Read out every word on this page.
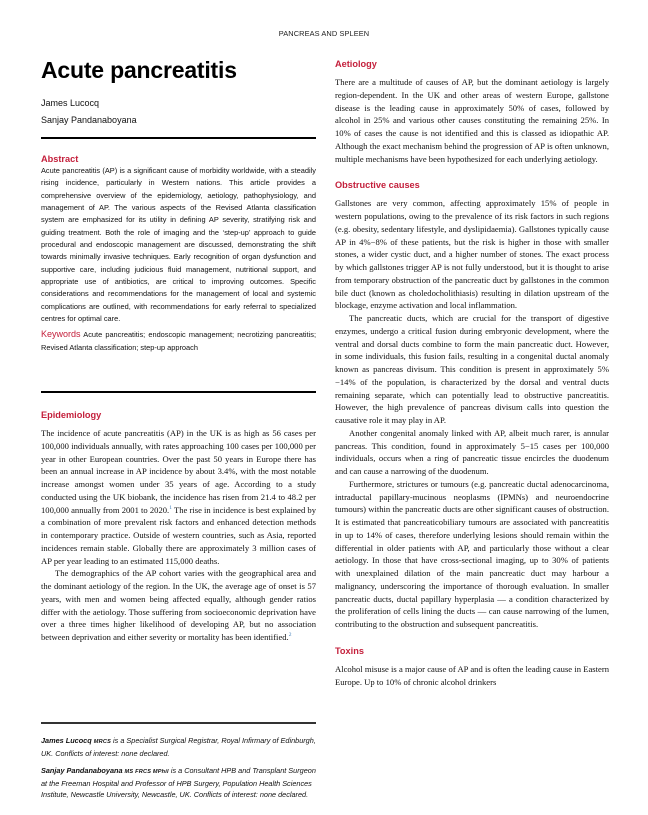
PANCREAS AND SPLEEN
Acute pancreatitis
James Lucocq
Sanjay Pandanaboyana
Abstract

Acute pancreatitis (AP) is a significant cause of morbidity worldwide, with a steadily rising incidence, particularly in Western nations. This article provides a comprehensive overview of the epidemiology, aetiology, pathophysiology, and management of AP. The various aspects of the Revised Atlanta classification system are emphasized for its utility in defining AP severity, stratifying risk and guiding treatment. Both the role of imaging and the ‘step-up’ approach to guide procedural and endoscopic management are discussed, demonstrating the shift towards minimally invasive techniques. Early recognition of organ dysfunction and supportive care, including judicious fluid management, nutritional support, and appropriate use of antibiotics, are critical to improving outcomes. Specific considerations and recommendations for the management of local and systemic complications are outlined, with recommendations for early referral to specialized centres for optimal care.

Keywords Acute pancreatitis; endoscopic management; necrotizing pancreatitis; Revised Atlanta classification; step-up approach
Epidemiology

The incidence of acute pancreatitis (AP) in the UK is as high as 56 cases per 100,000 individuals annually, with rates approaching 100 cases per 100,000 per year in other European countries. Over the past 50 years in Europe there has been an annual increase in AP incidence by about 3.4%, with the most notable increase amongst women under 35 years of age. According to a study conducted using the UK biobank, the incidence has risen from 21.4 to 48.2 per 100,000 annually from 2001 to 2020.$^1$ The rise in incidence is best explained by a combination of more prevalent risk factors and enhanced detection methods in contemporary practice. Outside of western countries, such as Asia, reported incidences remain stable. Globally there are approximately 3 million cases of AP per year leading to an estimated 115,000 deaths.

The demographics of the AP cohort varies with the geographical area and the dominant aetiology of the region. In the UK, the average age of onset is 57 years, with men and women being affected equally, although gender ratios differ with the aetiology. Those suffering from socioeconomic deprivation have over a three times higher likelihood of developing AP, but no association between deprivation and either severity or mortality has been identified.$^2$

James Lucocq MRCS is a Specialist Surgical Registrar, Royal Infirmary of Edinburgh, UK. Conflicts of interest: none declared.

Sanjay Pandanaboyana MS FRCS MPhil is a Consultant HPB and Transplant Surgeon at the Freeman Hospital and Professor of HPB Surgery, Population Health Sciences Institute, Newcastle University, Newcastle, UK. Conflicts of interest: none declared.

Aetiology

There are a multitude of causes of AP, but the dominant aetiology is largely region-dependent. In the UK and other areas of western Europe, gallstone disease is the leading cause in approximately 50% of cases, followed by alcohol in 25% and various other causes constituting the remaining 25%. In 10% of cases the cause is not identified and this is classed as idiopathic AP. Although the exact mechanism behind the progression of AP is often unknown, multiple mechanisms have been hypothesized for each underlying aetiology.

Obstructive causes

Gallstones are very common, affecting approximately 15% of people in western populations, owing to the prevalence of its risk factors in such regions (e.g. obesity, sedentary lifestyle, and dyslipidaemia). Gallstones typically cause AP in 4%−8% of these patients, but the risk is higher in those with smaller stones, a wider cystic duct, and a higher number of stones. The exact process by which gallstones trigger AP is not fully understood, but it is thought to arise from temporary obstruction of the pancreatic duct by gallstones in the common bile duct (known as choledocholithiasis) resulting in dilation upstream of the blockage, enzyme activation and local inflammation.

The pancreatic ducts, which are crucial for the transport of digestive enzymes, undergo a critical fusion during embryonic development, where the ventral and dorsal ducts combine to form the main pancreatic duct. However, in some individuals, this fusion fails, resulting in a congenital ductal anomaly known as pancreas divisum. This condition is present in approximately 5%−14% of the population, is characterized by the dorsal and ventral ducts remaining separate, which can potentially lead to obstructive pancreatitis. However, the high prevalence of pancreas divisum calls into question the causative role it may play in AP.

Another congenital anomaly linked with AP, albeit much rarer, is annular pancreas. This condition, found in approximately 5−15 cases per 100,000 individuals, occurs when a ring of pancreatic tissue encircles the duodenum and can cause a narrowing of the duodenum.

Furthermore, strictures or tumours (e.g. pancreatic ductal adenocarcinoma, intraductal papillary-mucinous neoplasms (IPMNs) and neuroendocrine tumours) within the pancreatic ducts are other significant causes of obstruction. It is estimated that pancreaticobiliary tumours are associated with pancreatitis in up to 14% of cases, therefore underlying lesions should remain within the differential in older patients with AP, and particularly those without a clear aetiology. In those that have cross-sectional imaging, up to 30% of patients with unexplained dilation of the main pancreatic duct may harbour a malignancy, underscoring the importance of thorough evaluation. In smaller pancreatic ducts, ductal papillary hyperplasia — a condition characterized by the proliferation of cells lining the ducts — can cause narrowing of the lumen, contributing to the obstruction and subsequent pancreatitis.

Toxins

Alcohol misuse is a major cause of AP and is often the leading cause in Eastern Europe. Up to 10% of chronic alcohol drinkers
